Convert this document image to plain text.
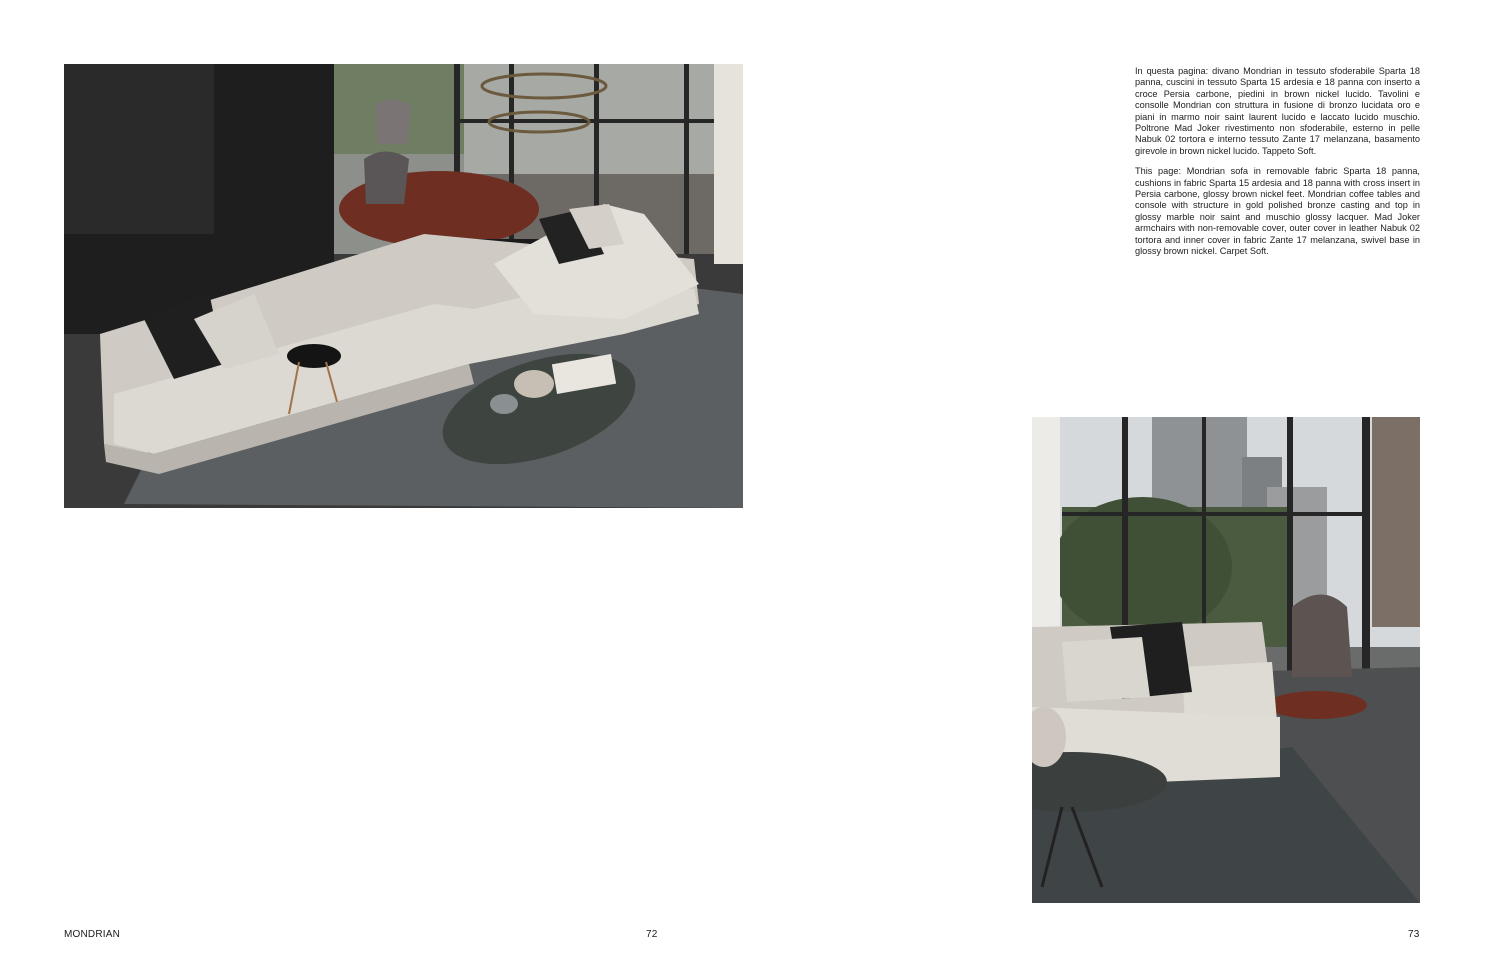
In questa pagina: divano Mondrian in tessuto sfoderabile Sparta 18 panna, cuscini in tessuto Sparta 15 ardesia e 18 panna con inserto a croce Persia carbone, piedini in brown nickel lucido. Tavolini e consolle Mondrian con struttura in fusione di bronzo lucidata oro e piani in marmo noir saint laurent lucido e laccato lucido muschio. Poltrone Mad Joker rivestimento non sfoderabile, esterno in pelle Nabuk 02 tortora e interno tessuto Zante 17 melanzana, basamento girevole in brown nickel lucido. Tappeto Soft.

This page: Mondrian sofa in removable fabric Sparta 18 panna, cushions in fabric Sparta 15 ardesia and 18 panna with cross insert in Persia carbone, glossy brown nickel feet. Mondrian coffee tables and console with structure in gold polished bronze casting and top in glossy marble noir saint and muschio glossy lacquer. Mad Joker armchairs with non-removable cover, outer cover in leather Nabuk 02 tortora and inner cover in fabric Zante 17 melanzana, swivel base in glossy brown nickel. Carpet Soft.

MONDRIAN	72	73
